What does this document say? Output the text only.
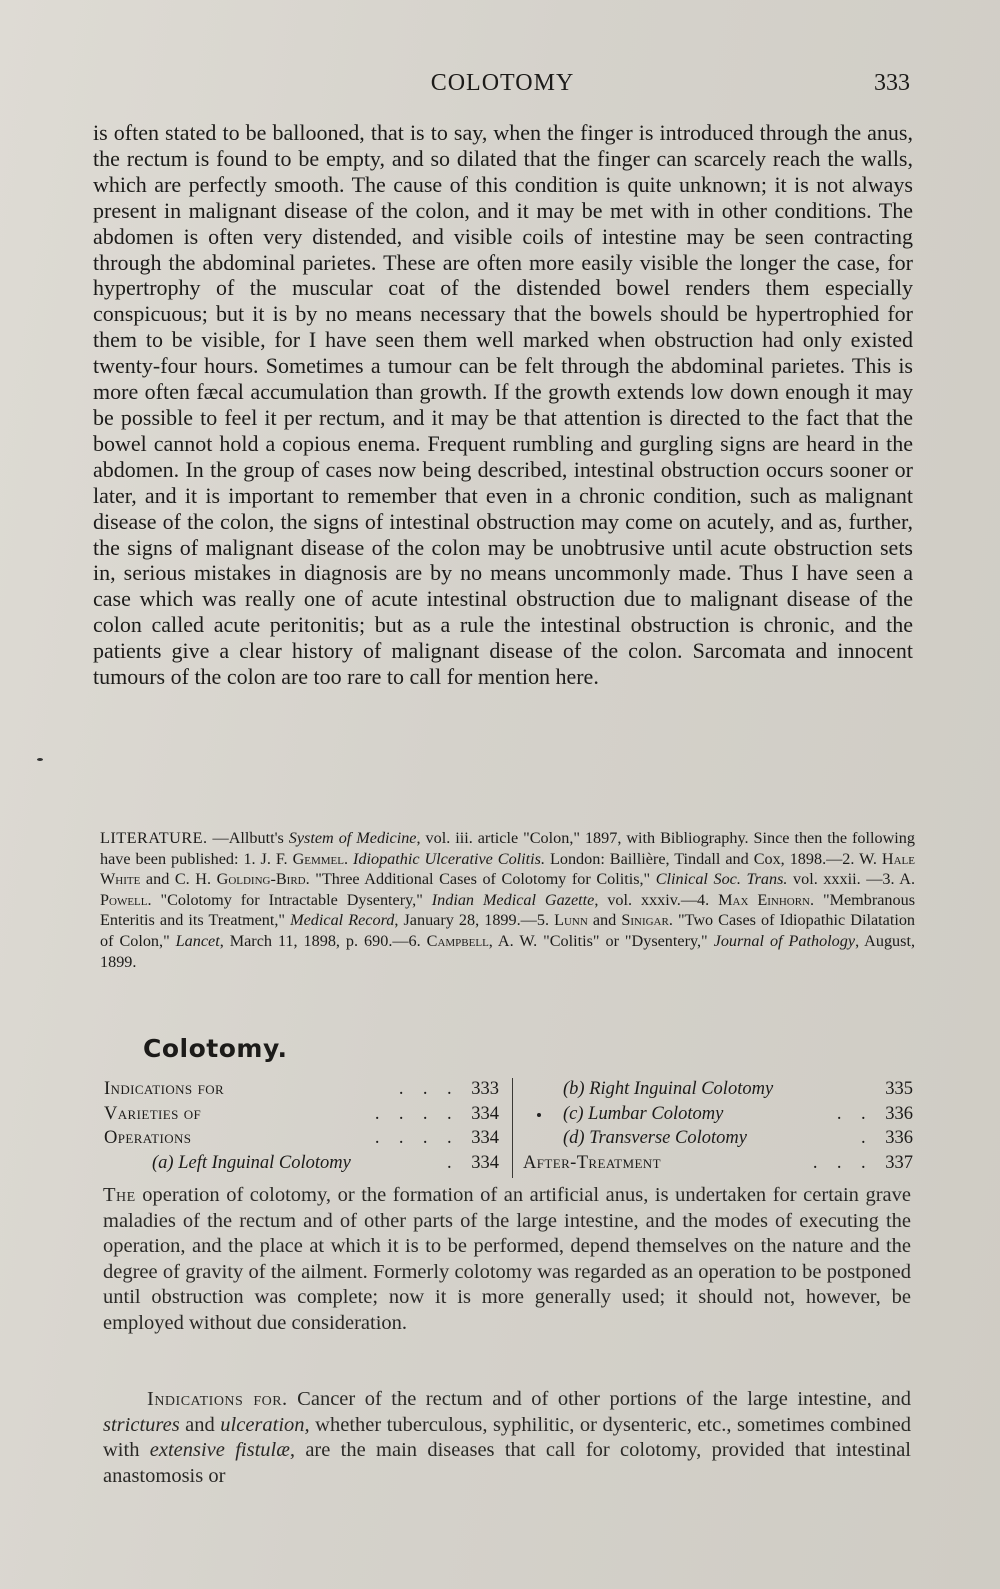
COLOTOMY	333

is often stated to be ballooned, that is to say, when the finger is introduced through the anus, the rectum is found to be empty, and so dilated that the finger can scarcely reach the walls, which are perfectly smooth. The cause of this condition is quite unknown; it is not always present in malignant disease of the colon, and it may be met with in other conditions. The abdomen is often very distended, and visible coils of intestine may be seen contracting through the abdominal parietes. These are often more easily visible the longer the case, for hypertrophy of the muscular coat of the distended bowel renders them especially conspicuous; but it is by no means necessary that the bowels should be hypertrophied for them to be visible, for I have seen them well marked when obstruction had only existed twenty-four hours. Sometimes a tumour can be felt through the abdominal parietes. This is more often fæcal accumulation than growth. If the growth extends low down enough it may be possible to feel it per rectum, and it may be that attention is directed to the fact that the bowel cannot hold a copious enema. Frequent rumbling and gurgling signs are heard in the abdomen. In the group of cases now being described, intestinal obstruction occurs sooner or later, and it is important to remember that even in a chronic condition, such as malignant disease of the colon, the signs of intestinal obstruction may come on acutely, and as, further, the signs of malignant disease of the colon may be unobtrusive until acute obstruction sets in, serious mistakes in diagnosis are by no means uncommonly made. Thus I have seen a case which was really one of acute intestinal obstruction due to malignant disease of the colon called acute peritonitis; but as a rule the intestinal obstruction is chronic, and the patients give a clear history of malignant disease of the colon. Sarcomata and innocent tumours of the colon are too rare to call for mention here.

LITERATURE. —Allbutt's System of Medicine, vol. iii. article "Colon," 1897, with Bibliography. Since then the following have been published: 1. J. F. Gemmel. Idiopathic Ulcerative Colitis. London: Baillière, Tindall and Cox, 1898.—2. W. Hale White and C. H. Golding-Bird. "Three Additional Cases of Colotomy for Colitis," Clinical Soc. Trans. vol. xxxii. —3. A. Powell. "Colotomy for Intractable Dysentery," Indian Medical Gazette, vol. xxxiv.—4. Max Einhorn. "Membranous Enteritis and its Treatment," Medical Record, January 28, 1899.—5. Lunn and Sinigar. "Two Cases of Idiopathic Dilatation of Colon," Lancet, March 11, 1898, p. 690.—6. Campbell, A. W. "Colitis" or "Dysentery," Journal of Pathology, August, 1899.

Colotomy.
Indications for	. . . 333
Varieties of	. . . . 334
Operations	. . . . 334
(a) Left Inguinal Colotomy	. 334
(b) Right Inguinal Colotomy	335
(c) Lumbar Colotomy	. . 336
(d) Transverse Colotomy	. 336
After-Treatment	. . . 337

The operation of colotomy, or the formation of an artificial anus, is undertaken for certain grave maladies of the rectum and of other parts of the large intestine, and the modes of executing the operation, and the place at which it is to be performed, depend themselves on the nature and the degree of gravity of the ailment. Formerly colotomy was regarded as an operation to be postponed until obstruction was complete; now it is more generally used; it should not, however, be employed without due consideration.

Indications for. Cancer of the rectum and of other portions of the large intestine, and strictures and ulceration, whether tuberculous, syphilitic, or dysenteric, etc., sometimes combined with extensive fistulæ, are the main diseases that call for colotomy, provided that intestinal anastomosis or
